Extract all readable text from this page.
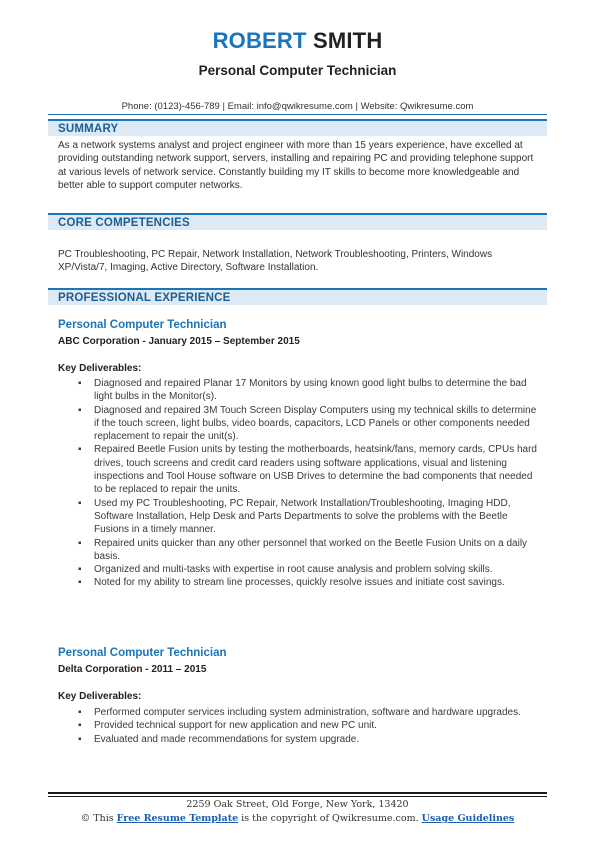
ROBERT SMITH
Personal Computer Technician
Phone: (0123)-456-789 | Email: info@qwikresume.com | Website: Qwikresume.com
SUMMARY
As a network systems analyst and project engineer with more than 15 years experience, have excelled at providing outstanding network support, servers, installing and repairing PC and providing telephone support at various levels of network service. Constantly building my IT skills to become more knowledgeable and better able to support computer networks.
CORE COMPETENCIES
PC Troubleshooting, PC Repair, Network Installation, Network Troubleshooting, Printers, Windows XP/Vista/7, Imaging, Active Directory, Software Installation.
PROFESSIONAL EXPERIENCE
Personal Computer Technician
ABC Corporation - January 2015 – September 2015
Key Deliverables:
▪ Diagnosed and repaired Planar 17 Monitors by using known good light bulbs to determine the bad light bulbs in the Monitor(s).
▪ Diagnosed and repaired 3M Touch Screen Display Computers using my technical skills to determine if the touch screen, light bulbs, video boards, capacitors, LCD Panels or other components needed replacement to repair the unit(s).
▪ Repaired Beetle Fusion units by testing the motherboards, heatsink/fans, memory cards, CPUs hard drives, touch screens and credit card readers using software applications, visual and listening inspections and Tool House software on USB Drives to determine the bad components that needed to be replaced to repair the units.
▪ Used my PC Troubleshooting, PC Repair, Network Installation/Troubleshooting, Imaging HDD, Software Installation, Help Desk and Parts Departments to solve the problems with the Beetle Fusions in a timely manner.
▪ Repaired units quicker than any other personnel that worked on the Beetle Fusion Units on a daily basis.
▪ Organized and multi-tasks with expertise in root cause analysis and problem solving skills.
▪ Noted for my ability to stream line processes, quickly resolve issues and initiate cost savings.
Personal Computer Technician
Delta Corporation - 2011 – 2015
Key Deliverables:
▪ Performed computer services including system administration, software and hardware upgrades.
▪ Provided technical support for new application and new PC unit.
▪ Evaluated and made recommendations for system upgrade.
2259 Oak Street, Old Forge, New York, 13420
© This Free Resume Template is the copyright of Qwikresume.com. Usage Guidelines
